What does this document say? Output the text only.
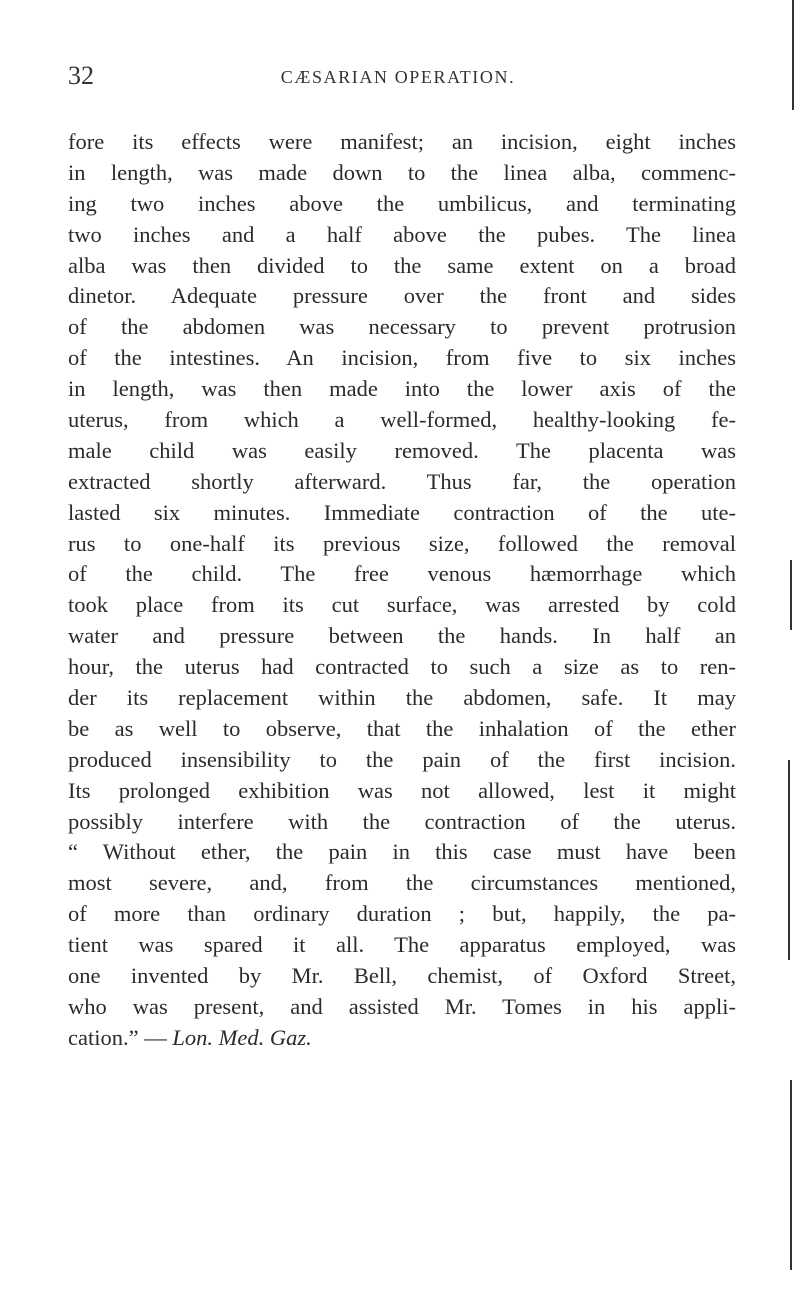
32	CÆSARIAN OPERATION.
fore its effects were manifest; an incision, eight inches
in length, was made down to the linea alba, commenc-
ing two inches above the umbilicus, and terminating
two inches and a half above the pubes. The linea
alba was then divided to the same extent on a broad
dinetor. Adequate pressure over the front and sides
of the abdomen was necessary to prevent protrusion
of the intestines. An incision, from five to six inches
in length, was then made into the lower axis of the
uterus, from which a well-formed, healthy-looking fe-
male child was easily removed. The placenta was
extracted shortly afterward. Thus far, the operation
lasted six minutes. Immediate contraction of the ute-
rus to one-half its previous size, followed the removal
of the child. The free venous hæmorrhage which
took place from its cut surface, was arrested by cold
water and pressure between the hands. In half an
hour, the uterus had contracted to such a size as to ren-
der its replacement within the abdomen, safe. It may
be as well to observe, that the inhalation of the ether
produced insensibility to the pain of the first incision.
Its prolonged exhibition was not allowed, lest it might
possibly interfere with the contraction of the uterus.
“ Without ether, the pain in this case must have been
most severe, and, from the circumstances mentioned,
of more than ordinary duration ; but, happily, the pa-
tient was spared it all. The apparatus employed, was
one invented by Mr. Bell, chemist, of Oxford Street,
who was present, and assisted Mr. Tomes in his appli-
cation.” — Lon. Med. Gaz.
